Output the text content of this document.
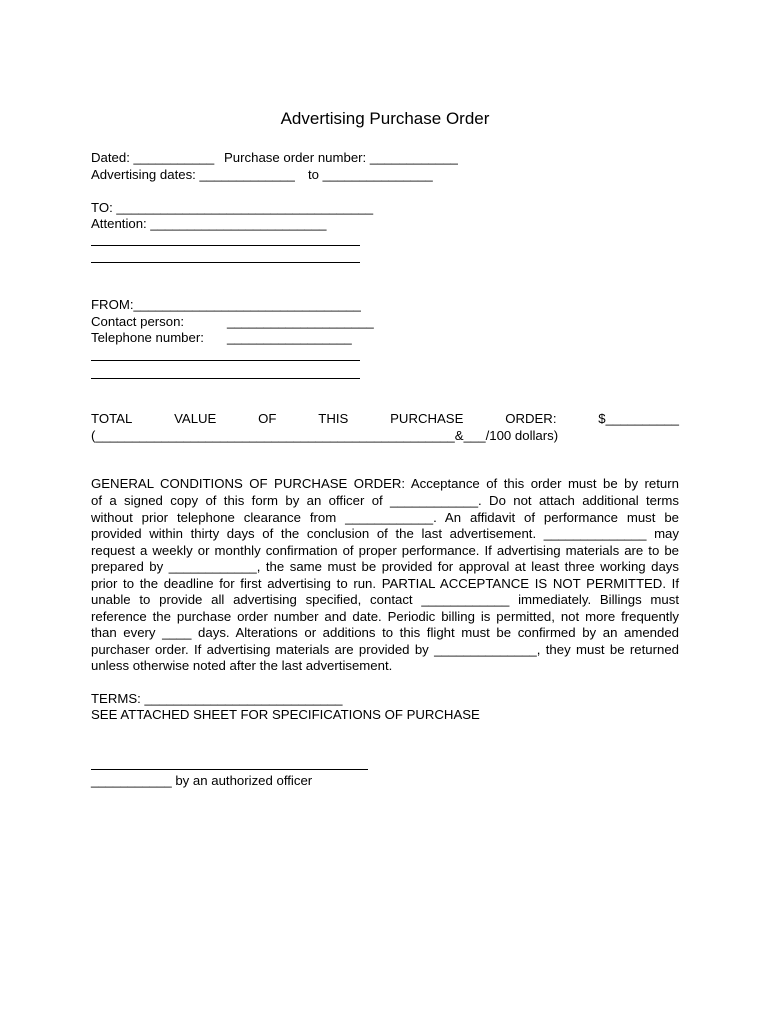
Advertising Purchase Order
Dated: ___________ Purchase order number: ____________
Advertising dates: _____________ to _______________
TO: ___________________________________
Attention: ________________________
FROM:_______________________________
Contact person:	____________________
Telephone number: _________________
TOTAL	VALUE	OF	THIS	PURCHASE	ORDER:	$__________
(_________________________________________________&___/100 dollars)
GENERAL CONDITIONS OF PURCHASE ORDER: Acceptance of this order must be by return
of a signed copy of this form by an officer of ____________. Do not attach additional terms
without prior telephone clearance from ____________. An affidavit of performance must be
provided within thirty days of the conclusion of the last advertisement. ______________ may
request a weekly or monthly confirmation of proper performance. If advertising materials are to be
prepared by ____________, the same must be provided for approval at least three working days
prior to the deadline for first advertising to run. PARTIAL ACCEPTANCE IS NOT PERMITTED. If
unable to provide all advertising specified, contact ____________ immediately. Billings must
reference the purchase order number and date. Periodic billing is permitted, not more frequently
than every ____ days. Alterations or additions to this flight must be confirmed by an amended
purchaser order. If advertising materials are provided by ______________, they must be returned
unless otherwise noted after the last advertisement.
TERMS: ___________________________
SEE ATTACHED SHEET FOR SPECIFICATIONS OF PURCHASE
___________ by an authorized officer
